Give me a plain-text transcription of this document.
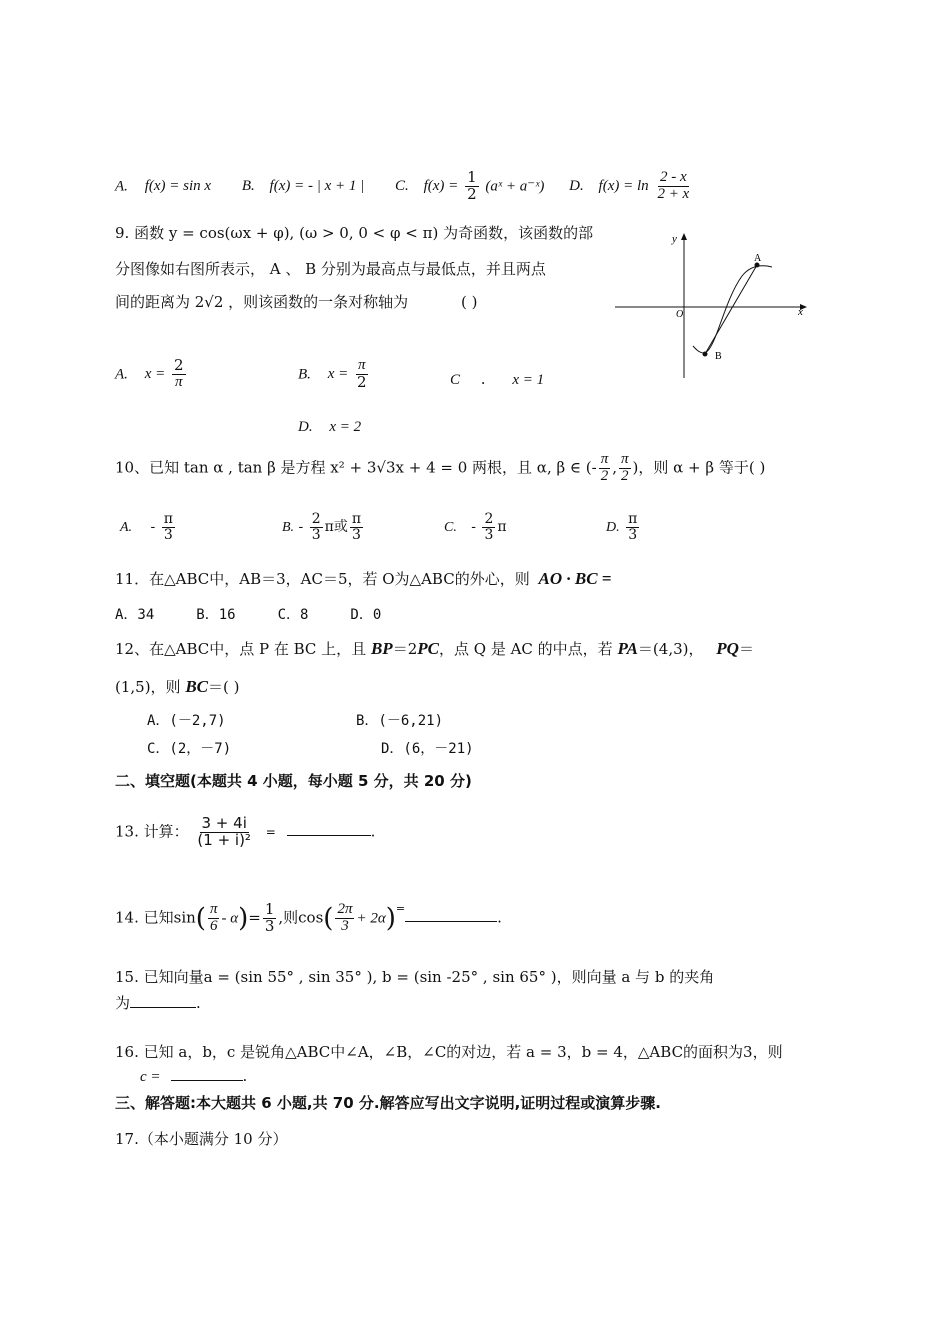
A. f(x) = sin x B. f(x) = - | x + 1 | C. $f(x) = \frac{1}{2}$ (aˣ + a⁻ˣ) D. $f(x) = \ln \frac{2 - x}{2 + x}$
9. 函数 y = cos(ωx + φ), (ω > 0, 0 < φ < π) 为奇函数，该函数的部
分图像如右图所表示， A 、 B 分别为最高点与最低点，并且两点
间的距离为 2√2 ，则该函数的一条对称轴为	( )
y
x
O
A
B
A. $x = \frac{2}{\pi}$	B. $x = \frac{\pi}{2}$	C . x = 1
D. x = 2
10、已知 tan α , tan β 是方程 x² + 3√3x + 4 = 0 两根，且 α, β ∈ (- $\frac{\pi}{2}$ , $\frac{\pi}{2}$ )，则 α + β 等于( )
A. - $\frac{\pi}{3}$	B. - $\frac{2}{3}$ π或 $\frac{\pi}{3}$	C. - $\frac{2}{3}$ π	D. $\frac{\pi}{3}$
11．在△ABC中，AB＝3，AC＝5，若 O为△ABC的外心，则 AO · BC =
A．34　　　B．16　　　C．8　　　D．0
12、在△ABC中，点 P 在 BC 上，且 BP＝2PC，点 Q 是 AC 的中点，若 PA＝(4,3)， PQ＝
(1,5)，则 BC＝( )
A．(－2,7)	B．(－6,21)
C．(2，－7)	D．(6，－21)
二、填空题(本题共 4 小题，每小题 5 分，共 20 分)
13. 计算： $\frac{3 + 4i}{\text{(1 + i)²}}$ =	.
14. 已知$\sin( \frac{\pi}{6} - \alpha)= \frac{1}{3}$ ,则$\cos( \frac{2\pi}{3} + 2\alpha)^=$	.
15. 已知向量a = (sin 55° , sin 35° ), b = (sin -25° , sin 65° )，则向量 a 与 b 的夹角
为	.
16. 已知 a，b，c 是锐角△ABC中∠A，∠B，∠C的对边，若 a = 3，b = 4，△ABC的面积为3，则
c =	.
三、解答题:本大题共 6 小题,共 70 分.解答应写出文字说明,证明过程或演算步骤.
17.（本小题满分 10 分）
